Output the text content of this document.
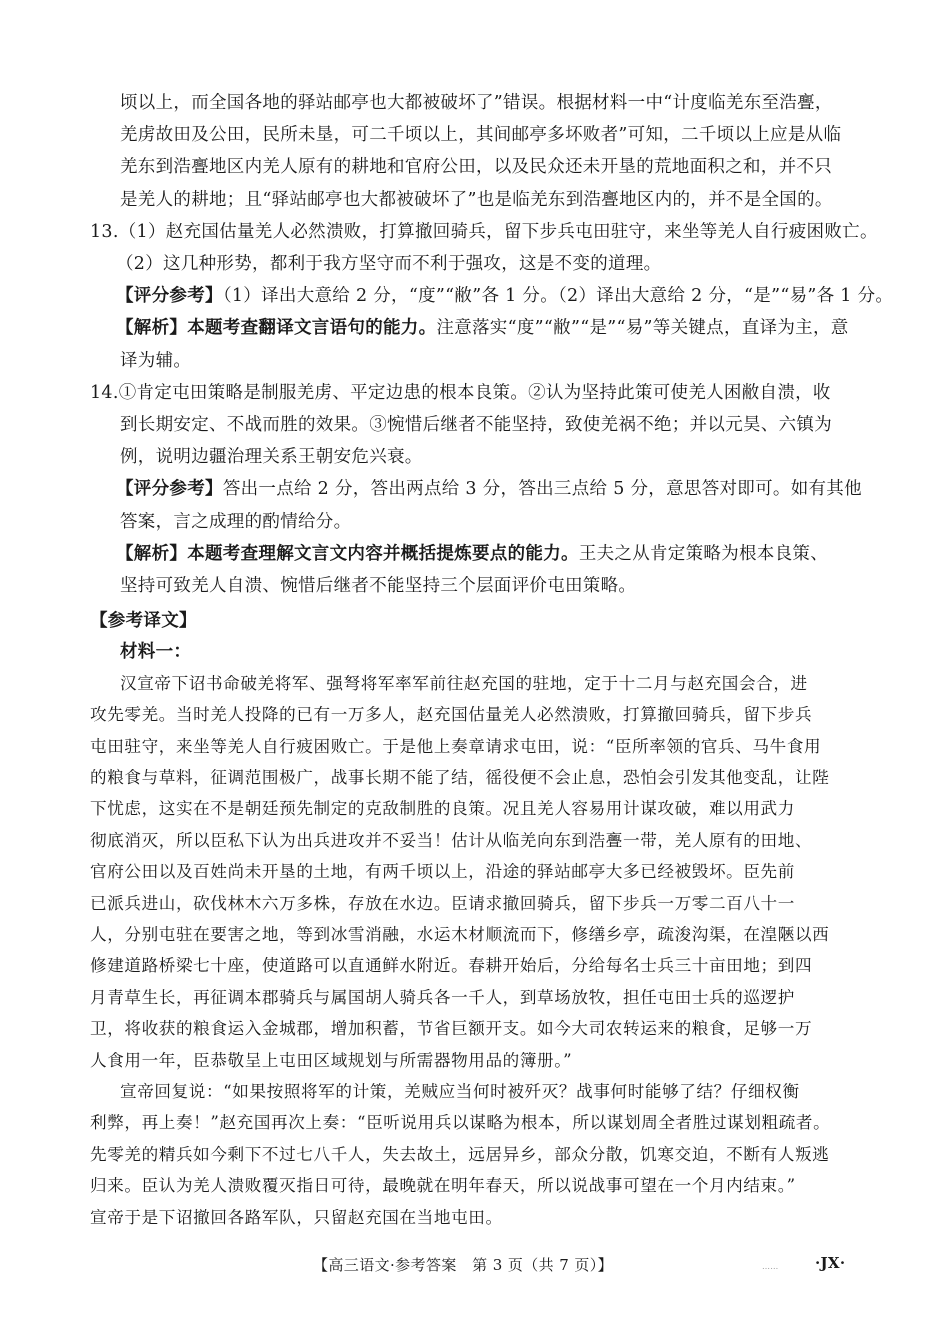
顷以上，而全国各地的驿站邮亭也大都被破坏了”错误。根据材料一中“计度临羌东至浩亹，
羌虏故田及公田，民所未垦，可二千顷以上，其间邮亭多坏败者”可知，二千顷以上应是从临
羌东到浩亹地区内羌人原有的耕地和官府公田，以及民众还未开垦的荒地面积之和，并不只
是羌人的耕地；且“驿站邮亭也大都被破坏了”也是临羌东到浩亹地区内的，并不是全国的。
13.（1）赵充国估量羌人必然溃败，打算撤回骑兵，留下步兵屯田驻守，来坐等羌人自行疲困败亡。
（2）这几种形势，都利于我方坚守而不利于强攻，这是不变的道理。
【评分参考】（1）译出大意给 2 分，“度”“敝”各 1 分。（2）译出大意给 2 分，“是”“易”各 1 分。
【解析】本题考查翻译文言语句的能力。注意落实“度”“敝”“是”“易”等关键点，直译为主，意
译为辅。
14.①肯定屯田策略是制服羌虏、平定边患的根本良策。②认为坚持此策可使羌人困敝自溃，收
到长期安定、不战而胜的效果。③惋惜后继者不能坚持，致使羌祸不绝；并以元昊、六镇为
例，说明边疆治理关系王朝安危兴衰。
【评分参考】答出一点给 2 分，答出两点给 3 分，答出三点给 5 分，意思答对即可。如有其他
答案，言之成理的酌情给分。
【解析】本题考查理解文言文内容并概括提炼要点的能力。王夫之从肯定策略为根本良策、
坚持可致羌人自溃、惋惜后继者不能坚持三个层面评价屯田策略。
【参考译文】
材料一：
汉宣帝下诏书命破羌将军、强弩将军率军前往赵充国的驻地，定于十二月与赵充国会合，进
攻先零羌。当时羌人投降的已有一万多人，赵充国估量羌人必然溃败，打算撤回骑兵，留下步兵
屯田驻守，来坐等羌人自行疲困败亡。于是他上奏章请求屯田，说：“臣所率领的官兵、马牛食用
的粮食与草料，征调范围极广，战事长期不能了结，徭役便不会止息，恐怕会引发其他变乱，让陛
下忧虑，这实在不是朝廷预先制定的克敌制胜的良策。况且羌人容易用计谋攻破，难以用武力
彻底消灭，所以臣私下认为出兵进攻并不妥当！估计从临羌向东到浩亹一带，羌人原有的田地、
官府公田以及百姓尚未开垦的土地，有两千顷以上，沿途的驿站邮亭大多已经被毁坏。臣先前
已派兵进山，砍伐林木六万多株，存放在水边。臣请求撤回骑兵，留下步兵一万零二百八十一
人，分别屯驻在要害之地，等到冰雪消融，水运木材顺流而下，修缮乡亭，疏浚沟渠，在湟陿以西
修建道路桥梁七十座，使道路可以直通鲜水附近。春耕开始后，分给每名士兵三十亩田地；到四
月青草生长，再征调本郡骑兵与属国胡人骑兵各一千人，到草场放牧，担任屯田士兵的巡逻护
卫，将收获的粮食运入金城郡，增加积蓄，节省巨额开支。如今大司农转运来的粮食，足够一万
人食用一年，臣恭敬呈上屯田区域规划与所需器物用品的簿册。”
宣帝回复说：“如果按照将军的计策，羌贼应当何时被歼灭？战事何时能够了结？仔细权衡
利弊，再上奏！”赵充国再次上奏：“臣听说用兵以谋略为根本，所以谋划周全者胜过谋划粗疏者。
先零羌的精兵如今剩下不过七八千人，失去故土，远居异乡，部众分散，饥寒交迫，不断有人叛逃
归来。臣认为羌人溃败覆灭指日可待，最晚就在明年春天，所以说战事可望在一个月内结束。”
宣帝于是下诏撤回各路军队，只留赵充国在当地屯田。
【高三语文·参考答案　第 3 页（共 7 页）】	…… ·JX·
